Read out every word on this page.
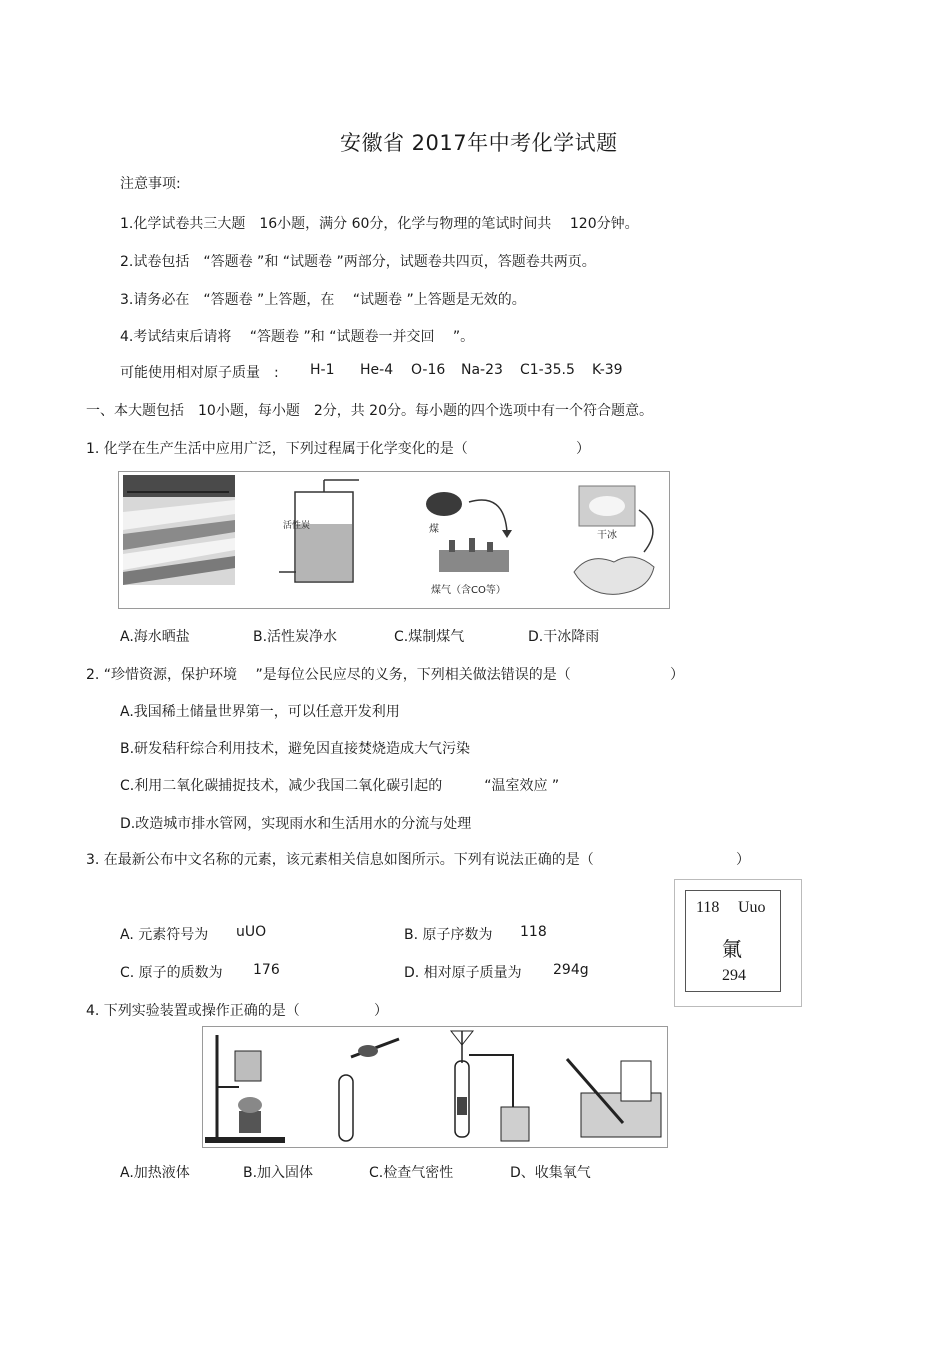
安徽省 2017年中考化学试题
注意事项:
1.化学试卷共三大题　16小题，满分 60分，化学与物理的笔试时间共　 120分钟。
2.试卷包括　“答题卷 ”和 “试题卷 ”两部分，试题卷共四页，答题卷共两页。
3.请务必在　“答题卷 ”上答题，在 　“试题卷 ”上答题是无效的。
4.考试结束后请将 　“答题卷 ”和 “试题卷一并交回　 ”。
可能使用相对原子质量　: H-1 He-4 O-16 Na-23 C1-35.5 K-39
一、本大题包括　10小题，每小题　2分，共 20分。每小题的四个选项中有一个符合题意。
1. 化学在生产生活中应用广泛，下列过程属于化学变化的是（	）
活性炭	煤
煤气（含CO等）
干冰
A.海水晒盐	B.活性炭净水	C.煤制煤气	D.干冰降雨
2. “珍惜资源，保护环境 　”是每位公民应尽的义务，下列相关做法错误的是（	）
A.我国稀土储量世界第一，可以任意开发利用
B.研发秸秆综合利用技术，避免因直接焚烧造成大气污染
C.利用二氧化碳捕捉技术，减少我国二氧化碳引起的　　　“温室效应 ”
D.改造城市排水管网，实现雨水和生活用水的分流与处理
3. 在最新公布中文名称的元素，该元素相关信息如图所示。下列有说法正确的是（	）
118 Uuo
氭
294
A. 元素符号为 uUO	B. 原子序数为 118
C. 原子的质数为 176	D. 相对原子质量为 294g
4. 下列实验装置或操作正确的是（	）
A.加热液体	B.加入固体	C.检查气密性	D、收集氧气
